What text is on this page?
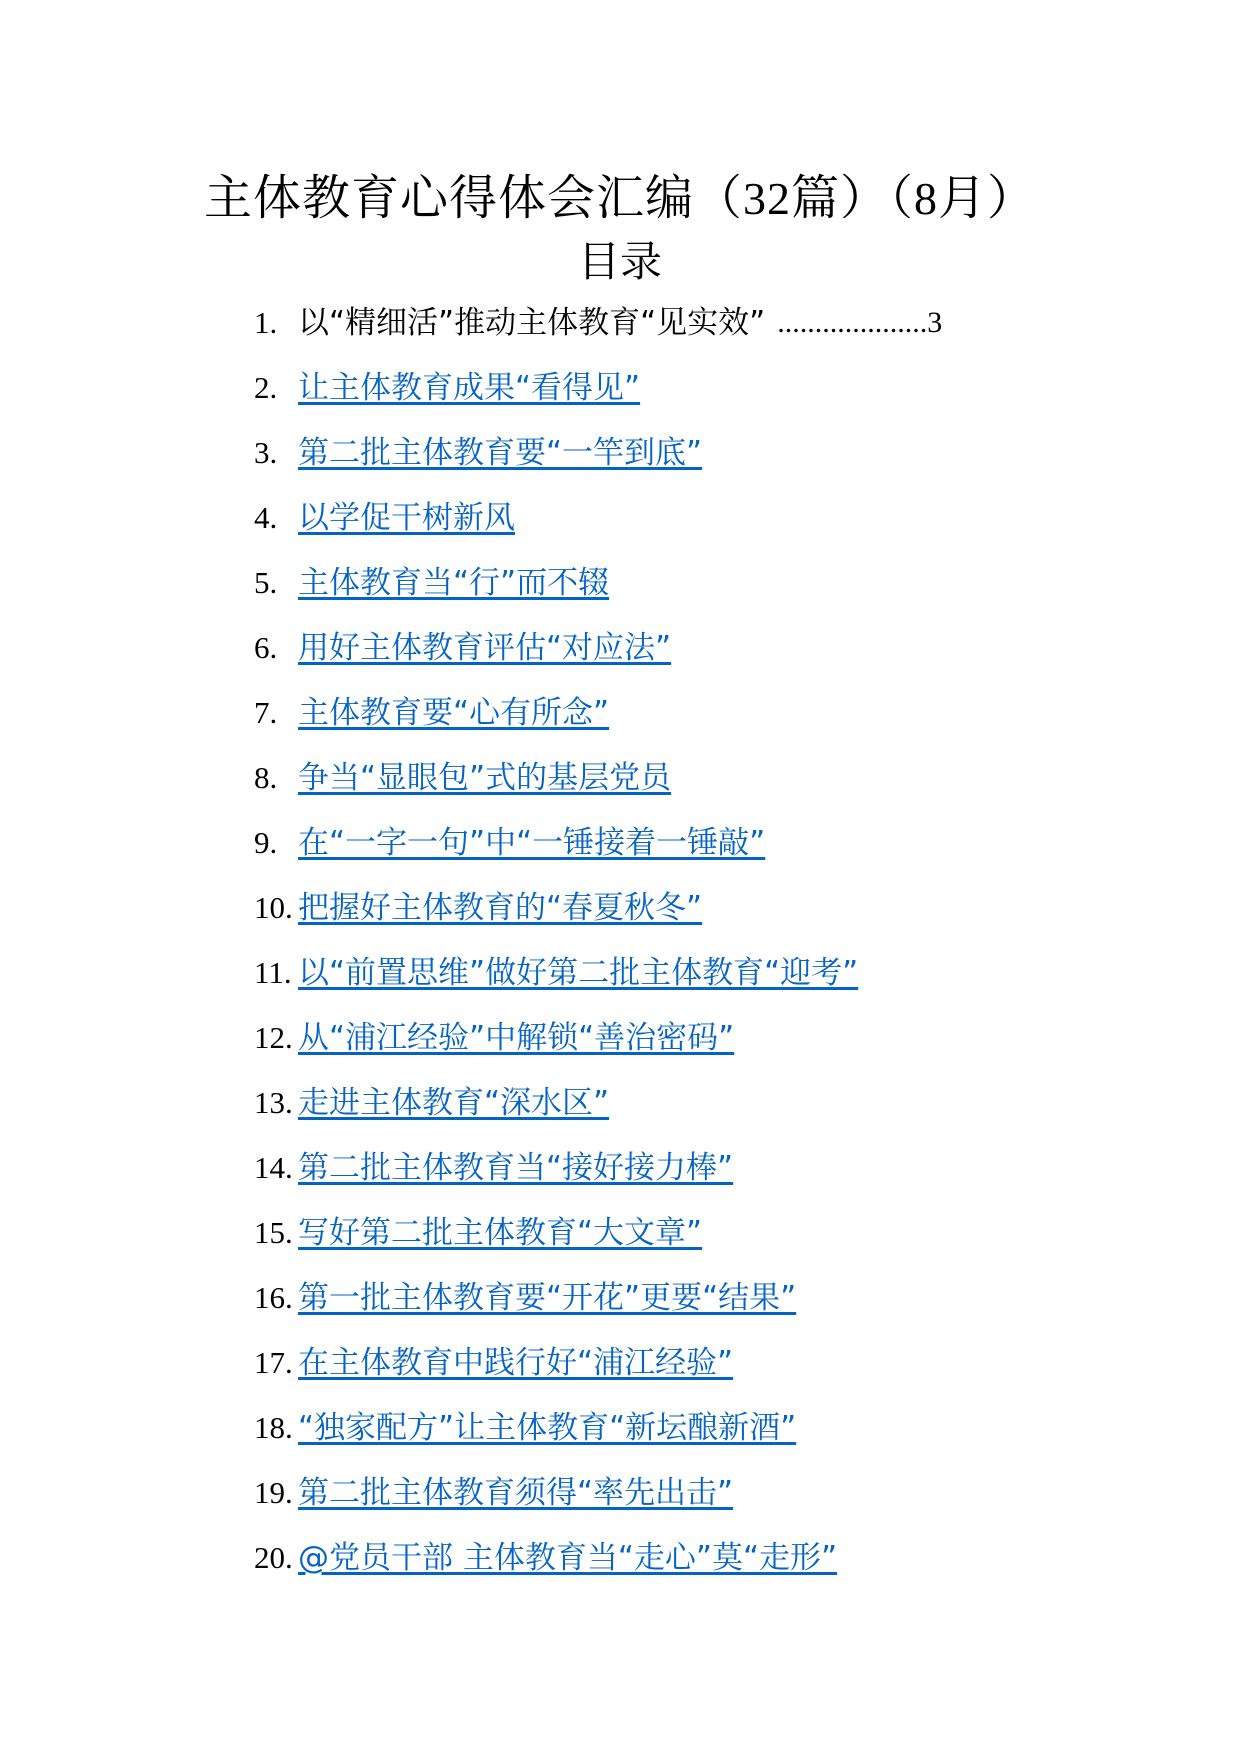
主体教育心得体会汇编（32篇）（8月）
目录
1. 以“精细活”推动主体教育“见实效” .................... 3
2. 让主体教育成果“看得见”
3. 第二批主体教育要“一竿到底”
4. 以学促干树新风
5. 主体教育当“行”而不辍
6. 用好主体教育评估“对应法”
7. 主体教育要“心有所念”
8. 争当“显眼包”式的基层党员
9. 在“一字一句”中“一锤接着一锤敲”
10. 把握好主体教育的“春夏秋冬”
11. 以“前置思维”做好第二批主体教育“迎考”
12. 从“浦江经验”中解锁“善治密码”
13. 走进主体教育“深水区”
14. 第二批主体教育当“接好接力棒”
15. 写好第二批主体教育“大文章”
16. 第一批主体教育要“开花”更要“结果”
17. 在主体教育中践行好“浦江经验”
18. “独家配方”让主体教育“新坛酿新酒”
19. 第二批主体教育须得“率先出击”
20. @党员干部 主体教育当“走心”莫“走形”
